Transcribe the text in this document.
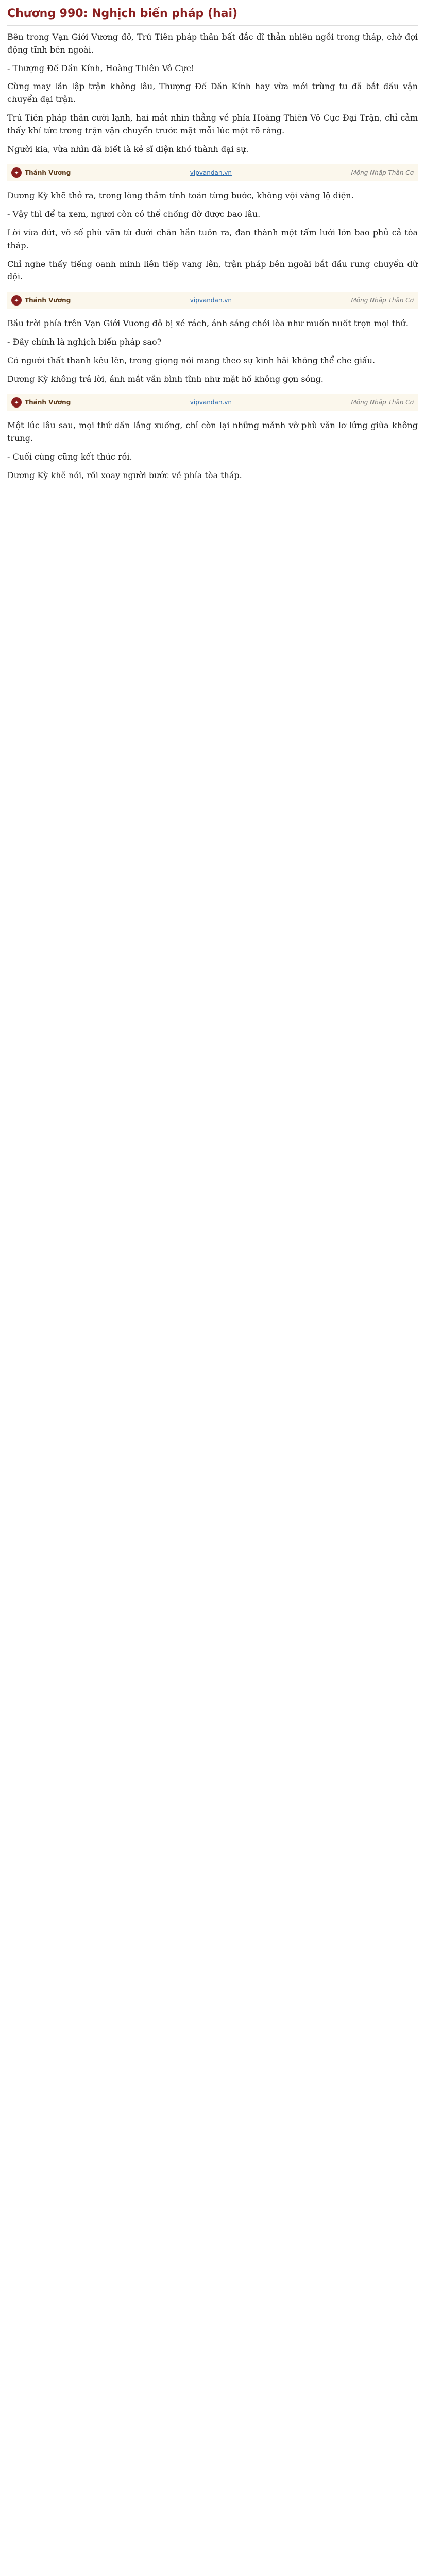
Chương 990: Nghịch biến pháp (hai)

Bên trong Vạn Giới Vương đô, Trú Tiên pháp thân bất đắc dĩ thản nhiên ngồi trong tháp, chờ đợi động tĩnh bên ngoài.

- Thượng Đế Dần Kính, Hoàng Thiên Vô Cực!

Cùng may lần lập trận không lâu, Thượng Đế Dần Kính hay vừa mới trùng tu đã bắt đầu vận chuyển đại trận.

Trú Tiên pháp thân cười lạnh, hai mắt nhìn thẳng về phía Hoàng Thiên Vô Cực Đại Trận, chỉ cảm thấy khí tức trong trận vận chuyển trước mặt mỗi lúc một rõ ràng.

Người kia, vừa nhìn đã biết là kẻ sĩ diện khó thành đại sự.

✦ Thánh Vương	vipvandan.vn	Mộng Nhập Thần Cơ

Dương Kỳ khẽ thở ra, trong lòng thầm tính toán từng bước, không vội vàng lộ diện.

- Vậy thì để ta xem, ngươi còn có thể chống đỡ được bao lâu.

Lời vừa dứt, vô số phù văn từ dưới chân hắn tuôn ra, đan thành một tấm lưới lớn bao phủ cả tòa tháp.

Chỉ nghe thấy tiếng oanh minh liên tiếp vang lên, trận pháp bên ngoài bắt đầu rung chuyển dữ dội.

✦ Thánh Vương	vipvandan.vn	Mộng Nhập Thần Cơ

Bầu trời phía trên Vạn Giới Vương đô bị xé rách, ánh sáng chói lòa như muốn nuốt trọn mọi thứ.

- Đây chính là nghịch biến pháp sao?

Có người thất thanh kêu lên, trong giọng nói mang theo sự kinh hãi không thể che giấu.

Dương Kỳ không trả lời, ánh mắt vẫn bình tĩnh như mặt hồ không gợn sóng.

✦ Thánh Vương	vipvandan.vn	Mộng Nhập Thần Cơ

Một lúc lâu sau, mọi thứ dần lắng xuống, chỉ còn lại những mảnh vỡ phù văn lơ lửng giữa không trung.

- Cuối cùng cũng kết thúc rồi.

Dương Kỳ khẽ nói, rồi xoay người bước về phía tòa tháp.
